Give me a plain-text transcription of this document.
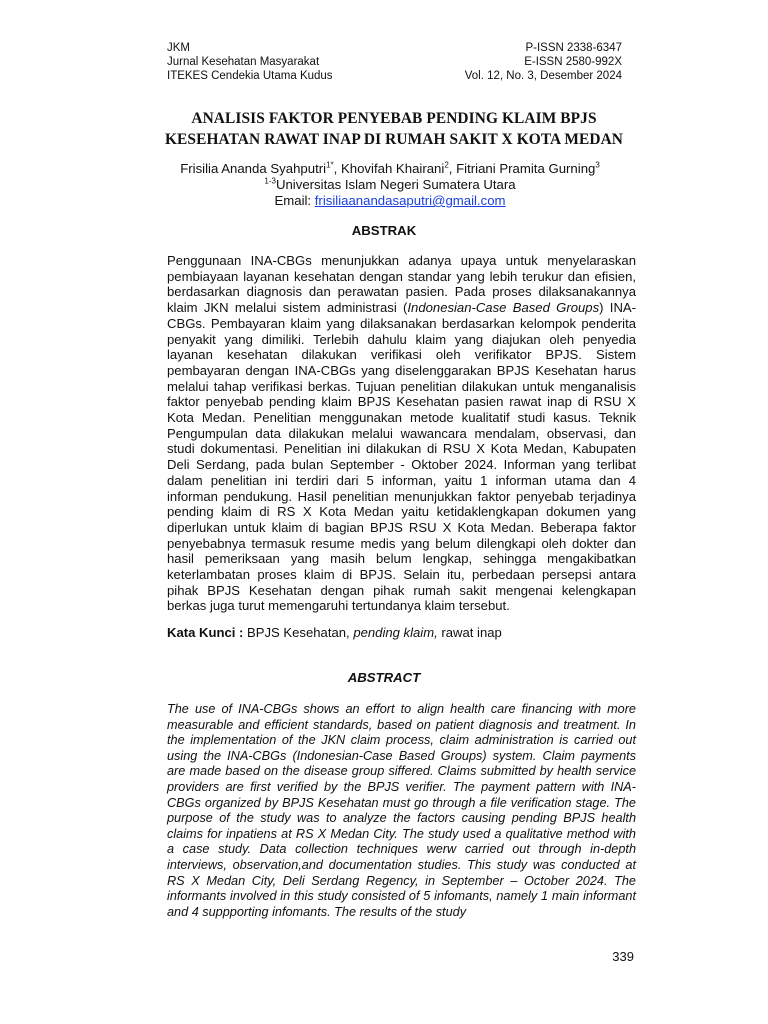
JKM
Jurnal Kesehatan Masyarakat
ITEKES Cendekia Utama Kudus
P-ISSN 2338-6347
E-ISSN 2580-992X
Vol. 12, No. 3, Desember 2024
ANALISIS FAKTOR PENYEBAB PENDING KLAIM BPJS
KESEHATAN RAWAT INAP DI RUMAH SAKIT X KOTA MEDAN
Frisilia Ananda Syahputri$^{1*}$, Khovifah Khairani$^2$, Fitriani Pramita Gurning$^3$
$^{1-3}$Universitas Islam Negeri Sumatera Utara
Email: frisiliaanandasaputri@gmail.com
ABSTRAK

Penggunaan INA-CBGs menunjukkan adanya upaya untuk menyelaraskan pembiayaan layanan kesehatan dengan standar yang lebih terukur dan efisien, berdasarkan diagnosis dan perawatan pasien. Pada proses dilaksanakannya klaim JKN melalui sistem administrasi (Indonesian-Case Based Groups) INA-CBGs. Pembayaran klaim yang dilaksanakan berdasarkan kelompok penderita penyakit yang dimiliki. Terlebih dahulu klaim yang diajukan oleh penyedia layanan kesehatan dilakukan verifikasi oleh verifikator BPJS. Sistem pembayaran dengan INA-CBGs yang diselenggarakan BPJS Kesehatan harus melalui tahap verifikasi berkas. Tujuan penelitian dilakukan untuk menganalisis faktor penyebab pending klaim BPJS Kesehatan pasien rawat inap di RSU X Kota Medan. Penelitian menggunakan metode kualitatif studi kasus. Teknik Pengumpulan data dilakukan melalui wawancara mendalam, observasi, dan studi dokumentasi. Penelitian ini dilakukan di RSU X Kota Medan, Kabupaten Deli Serdang, pada bulan September - Oktober 2024. Informan yang terlibat dalam penelitian ini terdiri dari 5 informan, yaitu 1 informan utama dan 4 informan pendukung. Hasil penelitian menunjukkan faktor penyebab terjadinya pending klaim di RS X Kota Medan yaitu ketidaklengkapan dokumen yang diperlukan untuk klaim di bagian BPJS RSU X Kota Medan. Beberapa faktor penyebabnya termasuk resume medis yang belum dilengkapi oleh dokter dan hasil pemeriksaan yang masih belum lengkap, sehingga mengakibatkan keterlambatan proses klaim di BPJS. Selain itu, perbedaan persepsi antara pihak BPJS Kesehatan dengan pihak rumah sakit mengenai kelengkapan berkas juga turut memengaruhi tertundanya klaim tersebut.

Kata Kunci : BPJS Kesehatan, pending klaim, rawat inap
ABSTRACT

The use of INA-CBGs shows an effort to align health care financing with more measurable and efficient standards, based on patient diagnosis and treatment. In the implementation of the JKN claim process, claim administration is carried out using the INA-CBGs (Indonesian-Case Based Groups) system. Claim payments are made based on the disease group siffered. Claims submitted by health service providers are first verified by the BPJS verifier. The payment pattern with INA-CBGs organized by BPJS Kesehatan must go through a file verification stage. The purpose of the study was to analyze the factors causing pending BPJS health claims for inpatiens at RS X Medan City. The study used a qualitative method with a case study. Data collection techniques werw carried out through in-depth interviews, observation,and documentation studies. This study was conducted at RS X Medan City, Deli Serdang Regency, in September – October 2024. The informants involved in this study consisted of 5 infomants, namely 1 main informant and 4 suppporting infomants. The results of the study

339
